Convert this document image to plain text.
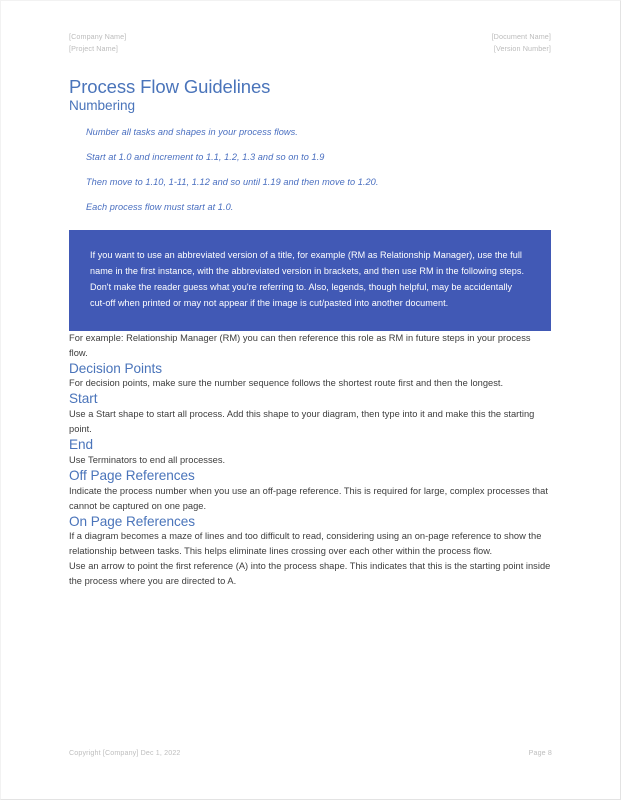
[Company Name]
[Project Name]
[Document Name]
[Version Number]
Process Flow Guidelines
Numbering
Number all tasks and shapes in your process flows.
Start at 1.0 and increment to 1.1, 1.2, 1.3 and so on to 1.9
Then move to 1.10, 1-11, 1.12 and so until 1.19 and then move to 1.20.
Each process flow must start at 1.0.
If you want to use an abbreviated version of a title, for example (RM as Relationship Manager), use the full name in the first instance, with the abbreviated version in brackets, and then use RM in the following steps. Don't make the reader guess what you're referring to. Also, legends, though helpful, may be accidentally cut-off when printed or may not appear if the image is cut/pasted into another document.

For example: Relationship Manager (RM) you can then reference this role as RM in future steps in your process flow.

Decision Points

For decision points, make sure the number sequence follows the shortest route first and then the longest.

Start

Use a Start shape to start all process. Add this shape to your diagram, then type into it and make this the starting point.

End

Use Terminators to end all processes.

Off Page References

Indicate the process number when you use an off-page reference. This is required for large, complex processes that cannot be captured on one page.

On Page References

If a diagram becomes a maze of lines and too difficult to read, considering using an on-page reference to show the relationship between tasks. This helps eliminate lines crossing over each other within the process flow.

Use an arrow to point the first reference (A) into the process shape. This indicates that this is the starting point inside the process where you are directed to A.

Copyright [Company] Dec 1, 2022	Page 8
